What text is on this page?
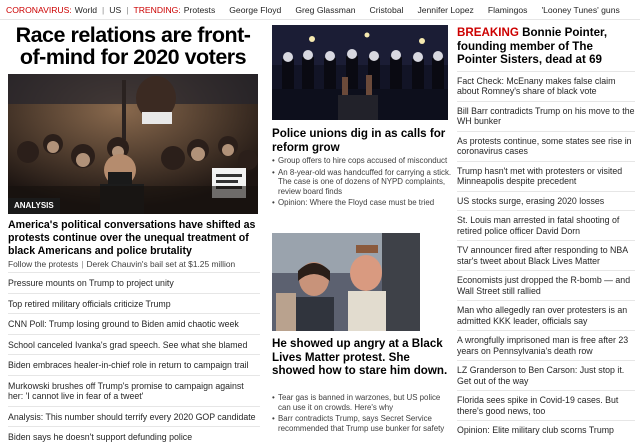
CORONAVIRUS: World | US | TRENDING: Protests George Floyd Greg Glassman Cristobal Jennifer Lopez Flamingos 'Looney Tunes' guns
Race relations are front-of-mind for 2020 voters
ANALYSIS

America's political conversations have shifted as protests continue over the unequal treatment of black Americans and police brutality

Follow the protests | Derek Chauvin's bail set at $1.25 million
Pressure mounts on Trump to project unity
Top retired military officials criticize Trump
CNN Poll: Trump losing ground to Biden amid chaotic week
School canceled Ivanka's grad speech. See what she blamed
Biden embraces healer-in-chief role in return to campaign trail
Murkowski brushes off Trump's promise to campaign against her: 'I cannot live in fear of a tweet'
Analysis: This number should terrify every 2020 GOP candidate
Biden says he doesn't support defunding police
Police unions dig in as calls for reform grow
• Group offers to hire cops accused of misconduct
• An 8-year-old was handcuffed for carrying a stick. The case is one of dozens of NYPD complaints, review board finds
• Opinion: Where the Floyd case must be tried
He showed up angry at a Black Lives Matter protest. She showed how to stare him down.
• Tear gas is banned in warzones, but US police can use it on crowds. Here's why
• Barr contradicts Trump, says Secret Service recommended that Trump use bunker for safety
BREAKING Bonnie Pointer, founding member of The Pointer Sisters, dead at 69
Fact Check: McEnany makes false claim about Romney's share of black vote
Bill Barr contradicts Trump on his move to the WH bunker
As protests continue, some states see rise in coronavirus cases
Trump hasn't met with protesters or visited Minneapolis despite precedent
US stocks surge, erasing 2020 losses
St. Louis man arrested in fatal shooting of retired police officer David Dorn
TV announcer fired after responding to NBA star's tweet about Black Lives Matter
Economists just dropped the R-bomb — and Wall Street still rallied
Man who allegedly ran over protesters is an admitted KKK leader, officials say
A wrongfully imprisoned man is free after 23 years on Pennsylvania's death row
LZ Granderson to Ben Carson: Just stop it. Get out of the way
Florida sees spike in Covid-19 cases. But there's good news, too
Opinion: Elite military club scorns Trump
